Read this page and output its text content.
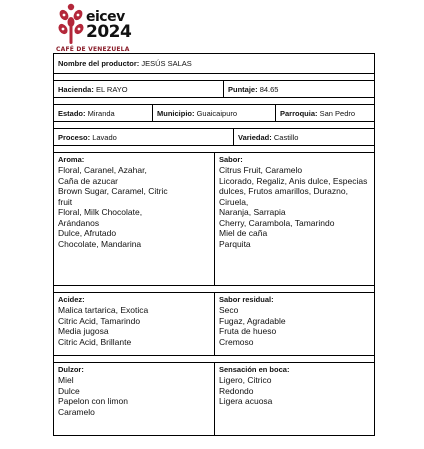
eicev
2024
CAFÉ DE VENEZUELA
Nombre del productor:
JESÚS SALAS
Hacienda:
EL RAYO	Puntaje:
84.65
Estado:
Miranda	Municipio:
Guaicaipuro	Parroquia:
San Pedro
Proceso:
Lavado	Variedad:
Castillo
Aroma:
Floral, Caranel, Azahar,
Caña de azucar
Brown Sugar, Caramel, Citric
fruit
Floral, Milk Chocolate,
Arándanos
Dulce, Afrutado
Chocolate, Mandarina
Sabor:
Citrus Fruit, Caramelo
Licorado, Regaliz, Anis dulce, Especias
dulces, Frutos amarillos, Durazno, Ciruela,
Naranja, Sarrapia
Cherry, Carambola, Tamarindo
Miel de caña
Parquita
Acidez:
Malica tartarica, Exotica
Citric Acid, Tamarindo
Media jugosa
Citric Acid, Brillante
Sabor residual:
Seco
Fugaz, Agradable
Fruta de hueso
Cremoso
Dulzor:
Miel
Dulce
Papelon con limon
Caramelo
Sensación en boca:
Ligero, Citrico
Redondo
Ligera acuosa
